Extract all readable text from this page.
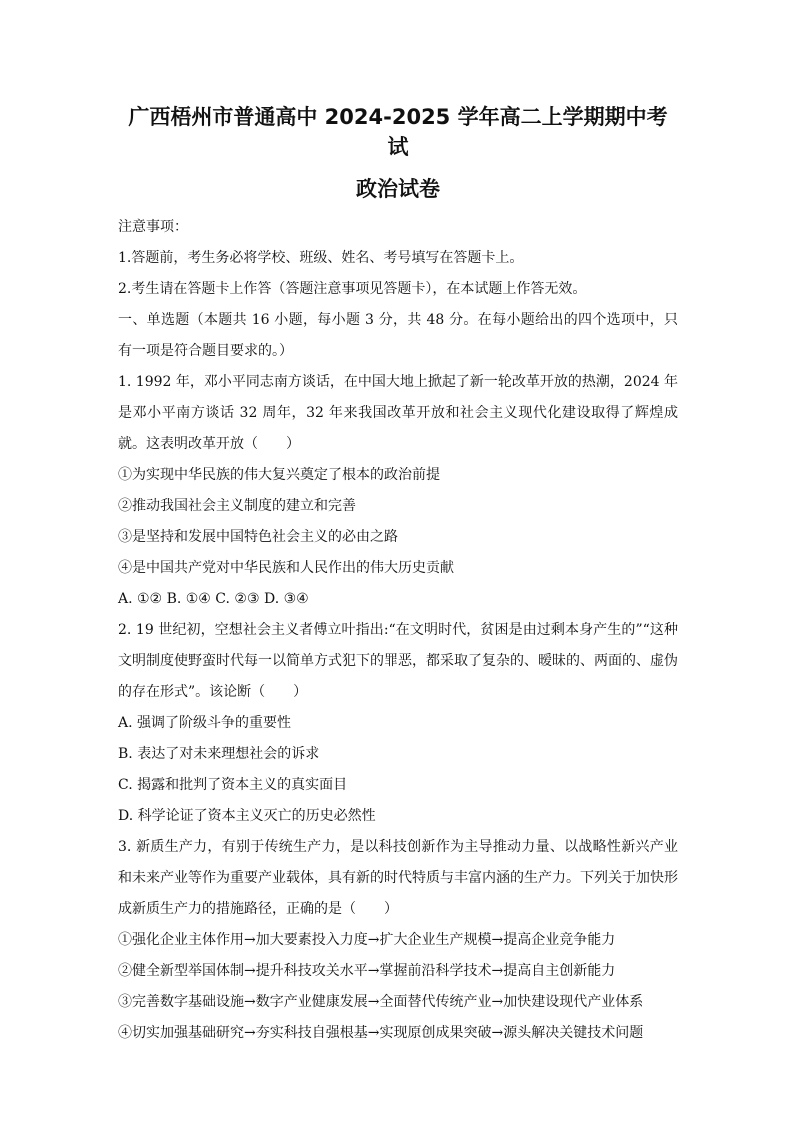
广西梧州市普通高中 2024-2025 学年高二上学期期中考试

政治试卷

注意事项：

1.答题前，考生务必将学校、班级、姓名、考号填写在答题卡上。

2.考生请在答题卡上作答（答题注意事项见答题卡），在本试题上作答无效。

一、单选题（本题共 16 小题，每小题 3 分，共 48 分。在每小题给出的四个选项中，只有一项是符合题目要求的。）

1. 1992 年，邓小平同志南方谈话，在中国大地上掀起了新一轮改革开放的热潮，2024 年是邓小平南方谈话 32 周年，32 年来我国改革开放和社会主义现代化建设取得了辉煌成就。这表明改革开放（　　）

①为实现中华民族的伟大复兴奠定了根本的政治前提

②推动我国社会主义制度的建立和完善

③是坚持和发展中国特色社会主义的必由之路

④是中国共产党对中华民族和人民作出的伟大历史贡献

A. ①② B. ①④ C. ②③ D. ③④

2. 19 世纪初，空想社会主义者傅立叶指出:“在文明时代，贫困是由过剩本身产生的”“这种文明制度使野蛮时代每一以简单方式犯下的罪恶，都采取了复杂的、暧昧的、两面的、虚伪的存在形式”。该论断（　　）

A. 强调了阶级斗争的重要性

B. 表达了对未来理想社会的诉求

C. 揭露和批判了资本主义的真实面目

D. 科学论证了资本主义灭亡的历史必然性

3. 新质生产力，有别于传统生产力，是以科技创新作为主导推动力量、以战略性新兴产业和未来产业等作为重要产业载体，具有新的时代特质与丰富内涵的生产力。下列关于加快形成新质生产力的措施路径，正确的是（　　）

①强化企业主体作用→加大要素投入力度→扩大企业生产规模→提高企业竞争能力

②健全新型举国体制→提升科技攻关水平→掌握前沿科学技术→提高自主创新能力

③完善数字基础设施→数字产业健康发展→全面替代传统产业→加快建设现代产业体系

④切实加强基础研究→夯实科技自强根基→实现原创成果突破→源头解决关键技术问题
